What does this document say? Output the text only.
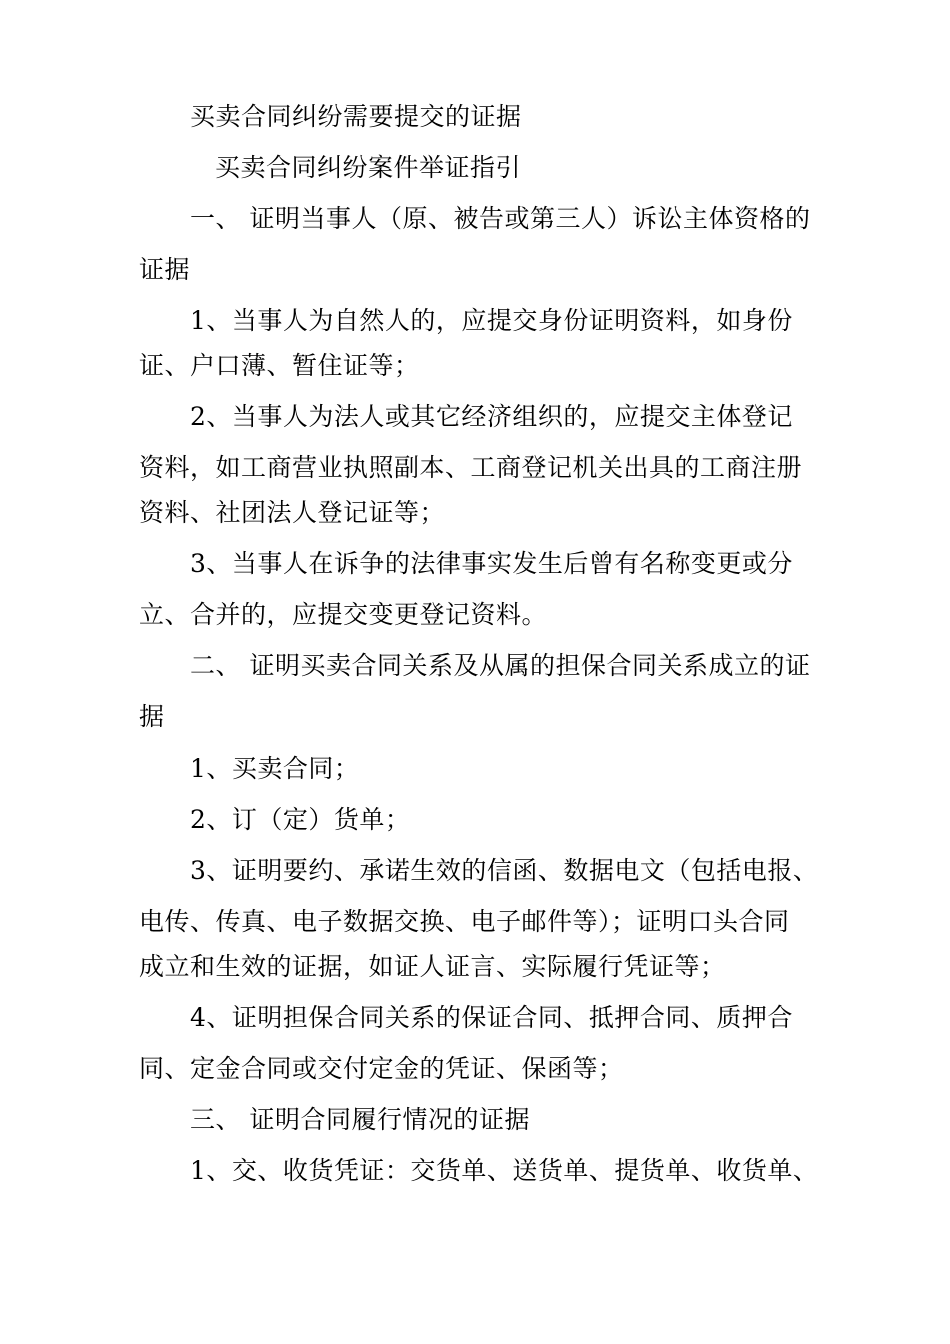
买卖合同纠纷需要提交的证据
买卖合同纠纷案件举证指引
一、 证明当事人（原、被告或第三人）诉讼主体资格的
证据
1、当事人为自然人的，应提交身份证明资料，如身份
证、户口薄、暂住证等；
2、当事人为法人或其它经济组织的，应提交主体登记
资料，如工商营业执照副本、工商登记机关出具的工商注册
资料、社团法人登记证等；
3、当事人在诉争的法律事实发生后曾有名称变更或分
立、合并的，应提交变更登记资料。
二、 证明买卖合同关系及从属的担保合同关系成立的证
据
1、买卖合同；
2、订（定）货单；
3、证明要约、承诺生效的信函、数据电文（包括电报、
电传、传真、电子数据交换、电子邮件等）；证明口头合同
成立和生效的证据，如证人证言、实际履行凭证等；
4、证明担保合同关系的保证合同、抵押合同、质押合
同、定金合同或交付定金的凭证、保函等；
三、 证明合同履行情况的证据
1、交、收货凭证：交货单、送货单、提货单、收货单、
